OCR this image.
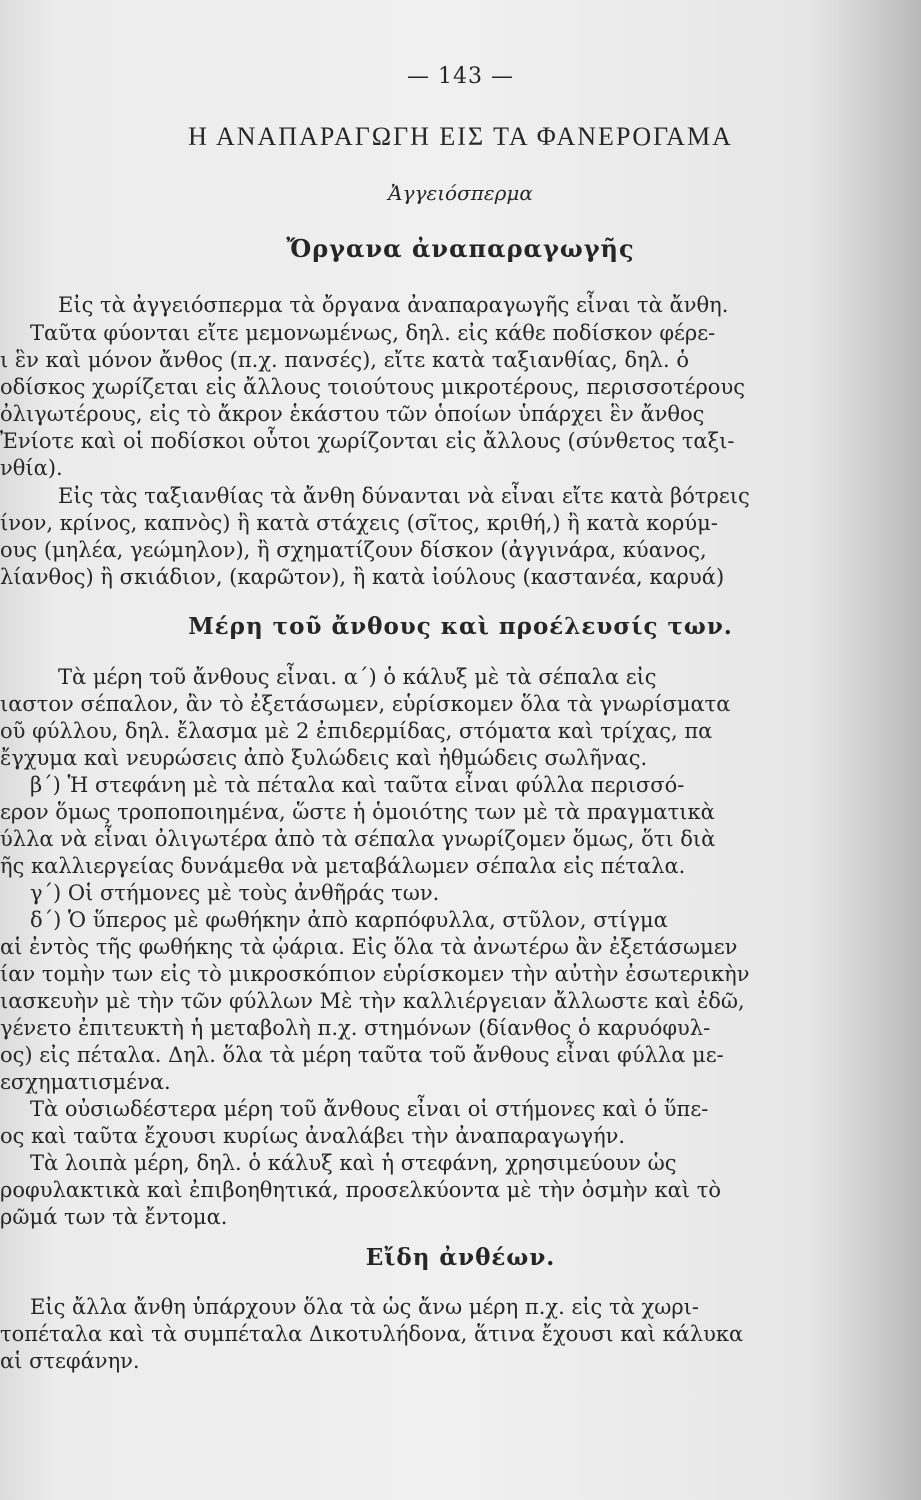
— 143 —
Η ΑΝΑΠΑΡΑΓΩΓΗ ΕΙΣ ΤΑ ΦΑΝΕΡΟΓΑΜΑ
Ἀγγειόσπερμα
Ὄργανα ἀναπαραγωγῆς
Εἰς τὰ ἀγγειόσπερμα τὰ ὄργανα ἀναπαραγωγῆς εἶναι τὰ ἄνθη.
Ταῦτα φύονται εἴτε μεμονωμένως, δηλ. εἰς κάθε ποδίσκον φέρε-
ι ἓν καὶ μόνον ἄνθος (π.χ. πανσές), εἴτε κατὰ ταξιανθίας, δηλ. ὁ
οδίσκος χωρίζεται εἰς ἄλλους τοιούτους μικροτέρους, περισσοτέρους
ὀλιγωτέρους, εἰς τὸ ἄκρον ἑκάστου τῶν ὁποίων ὑπάρχει ἓν ἄνθος
Ἐνίοτε καὶ οἱ ποδίσκοι οὗτοι χωρίζονται εἰς ἄλλους (σύνθετος ταξι-
νθία).
Εἰς τὰς ταξιανθίας τὰ ἄνθη δύνανται νὰ εἶναι εἴτε κατὰ βότρεις
ίνον, κρίνος, καπνὸς) ἢ κατὰ στάχεις (σῖτος, κριθή,) ἢ κατὰ κορύμ-
ους (μηλέα, γεώμηλον), ἢ σχηματίζουν δίσκον (ἀγγινάρα, κύανος,
λίανθος) ἢ σκιάδιον, (καρῶτον), ἢ κατὰ ἰούλους (καστανέα, καρυά)
Μέρη τοῦ ἄνθους καὶ προέλευσίς των.
Τὰ μέρη τοῦ ἄνθους εἶναι. α΄) ὁ κάλυξ μὲ τὰ σέπαλα εἰς
ιαστον σέπαλον, ἂν τὸ ἐξετάσωμεν, εὑρίσκομεν ὅλα τὰ γνωρίσματα
οῦ φύλλου, δηλ. ἔλασμα μὲ 2 ἐπιδερμίδας, στόματα καὶ τρίχας, πα
ἔγχυμα καὶ νευρώσεις ἀπὸ ξυλώδεις καὶ ἠθμώδεις σωλῆνας.
β΄) Ἡ στεφάνη μὲ τὰ πέταλα καὶ ταῦτα εἶναι φύλλα περισσό-
ερον ὅμως τροποποιημένα, ὥστε ἡ ὁμοιότης των μὲ τὰ πραγματικὰ
ύλλα νὰ εἶναι ὀλιγωτέρα ἀπὸ τὰ σέπαλα γνωρίζομεν ὅμως, ὅτι διὰ
ῆς καλλιεργείας δυνάμεθα νὰ μεταβάλωμεν σέπαλα εἰς πέταλα.
γ΄) Οἱ στήμονες μὲ τοὺς ἀνθῆράς των.
δ΄) Ὁ ὕπερος μὲ φωθήκην ἀπὸ καρπόφυλλα, στῦλον, στίγμα
αἱ ἐντὸς τῆς φωθήκης τὰ ᾠάρια. Εἰς ὅλα τὰ ἀνωτέρω ἂν ἐξετάσωμεν
ίαν τομὴν των εἰς τὸ μικροσκόπιον εὑρίσκομεν τὴν αὐτὴν ἐσωτερικὴν
ιασκευὴν μὲ τὴν τῶν φύλλων Μὲ τὴν καλλιέργειαν ἄλλωστε καὶ ἐδῶ,
γένετο ἐπιτευκτὴ ἡ μεταβολὴ π.χ. στημόνων (δίανθος ὁ καρυόφυλ-
ος) εἰς πέταλα. Δηλ. ὅλα τὰ μέρη ταῦτα τοῦ ἄνθους εἶναι φύλλα με-
εσχηματισμένα.
Τὰ οὐσιωδέστερα μέρη τοῦ ἄνθους εἶναι οἱ στήμονες καὶ ὁ ὕπε-
ος καὶ ταῦτα ἔχουσι κυρίως ἀναλάβει τὴν ἀναπαραγωγήν.
Τὰ λοιπὰ μέρη, δηλ. ὁ κάλυξ καὶ ἡ στεφάνη, χρησιμεύουν ὡς
ροφυλακτικὰ καὶ ἐπιβοηθητικά, προσελκύοντα μὲ τὴν ὀσμὴν καὶ τὸ
ρῶμά των τὰ ἔντομα.
Εἴδη ἀνθέων.
Εἰς ἄλλα ἄνθη ὑπάρχουν ὅλα τὰ ὡς ἄνω μέρη π.χ. εἰς τὰ χωρι-
τοπέταλα καὶ τὰ συμπέταλα Δικοτυλήδονα, ἅτινα ἔχουσι καὶ κάλυκα
αἱ στεφάνην.
